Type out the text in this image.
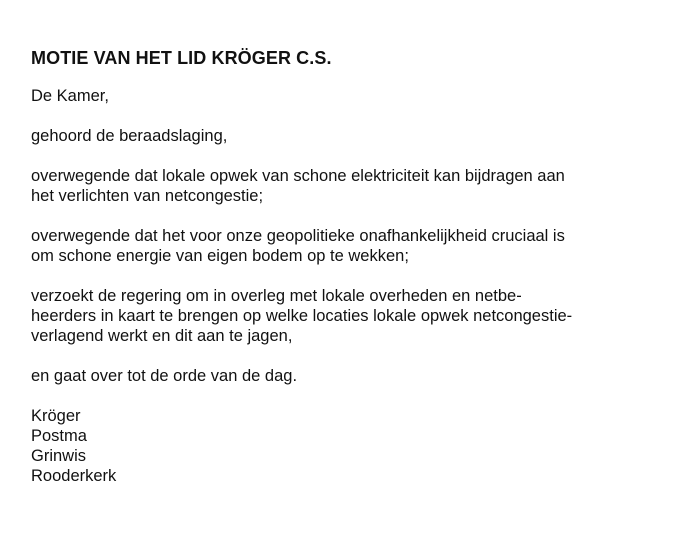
MOTIE VAN HET LID KRÖGER C.S.
De Kamer,
gehoord de beraadslaging,
overwegende dat lokale opwek van schone elektriciteit kan bijdragen aan
het verlichten van netcongestie;
overwegende dat het voor onze geopolitieke onafhankelijkheid cruciaal is
om schone energie van eigen bodem op te wekken;
verzoekt de regering om in overleg met lokale overheden en netbe-
heerders in kaart te brengen op welke locaties lokale opwek netcongestie-
verlagend werkt en dit aan te jagen,
en gaat over tot de orde van de dag.
Kröger
Postma
Grinwis
Rooderkerk
